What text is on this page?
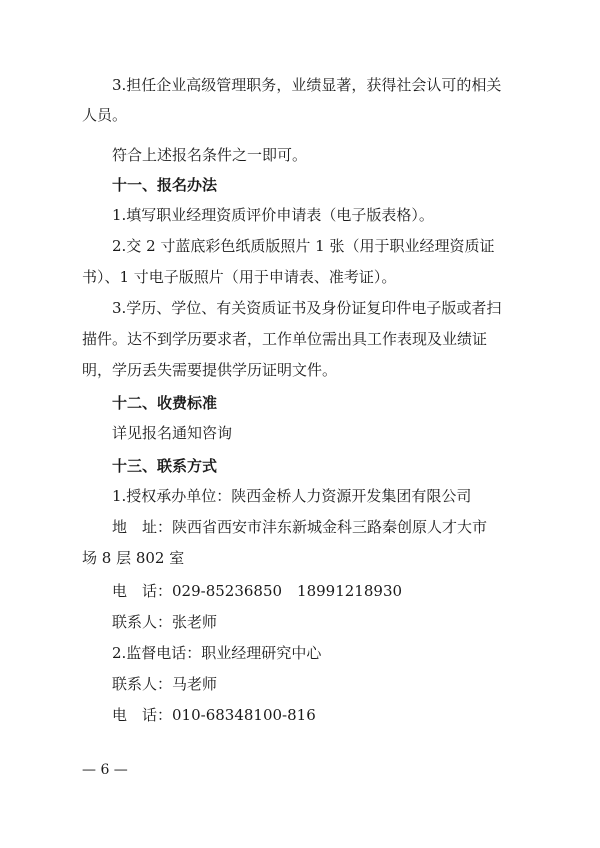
3.担任企业高级管理职务，业绩显著，获得社会认可的相关
人员。
符合上述报名条件之一即可。
十一、报名办法
1.填写职业经理资质评价申请表（电子版表格）。
2.交 2 寸蓝底彩色纸质版照片 1 张（用于职业经理资质证
书）、1 寸电子版照片（用于申请表、准考证）。
3.学历、学位、有关资质证书及身份证复印件电子版或者扫
描件。达不到学历要求者，工作单位需出具工作表现及业绩证
明，学历丢失需要提供学历证明文件。
十二、收费标准
详见报名通知咨询
十三、联系方式
1.授权承办单位：陕西金桥人力资源开发集团有限公司
地　址：陕西省西安市沣东新城金科三路秦创原人才大市
场 8 层 802 室
电　话：029-85236850　18991218930
联系人：张老师
2.监督电话：职业经理研究中心
联系人：马老师
电　话：010-68348100-816
— 6 —
